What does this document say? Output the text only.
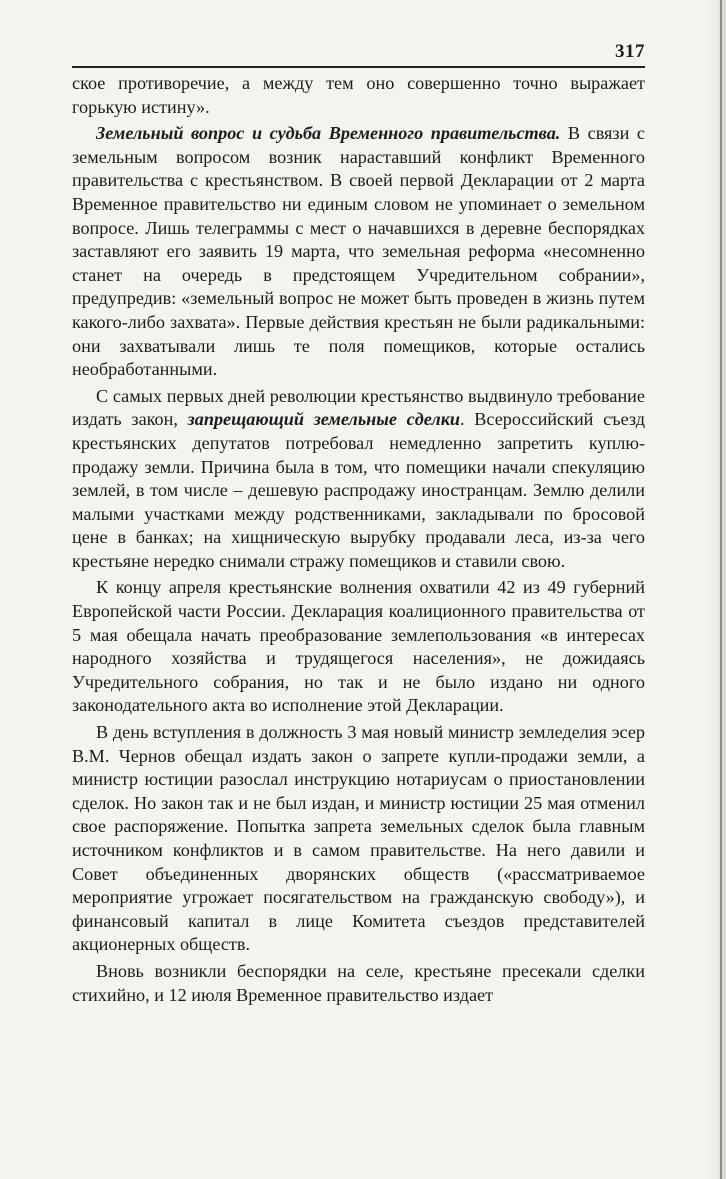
317

ское противоречие, а между тем оно совершенно точно выражает горькую истину».

Земельный вопрос и судьба Временного правительства. В связи с земельным вопросом возник нараставший конфликт Временного правительства с крестьянством. В своей первой Декларации от 2 марта Временное правительство ни единым словом не упоминает о земельном вопросе. Лишь телеграммы с мест о начавшихся в деревне беспорядках заставляют его заявить 19 марта, что земельная реформа «несомненно станет на очередь в предстоящем Учредительном собрании», предупредив: «земельный вопрос не может быть проведен в жизнь путем какого-либо захвата». Первые действия крестьян не были радикальными: они захватывали лишь те поля помещиков, которые остались необработанными.

С самых первых дней революции крестьянство выдвинуло требование издать закон, запрещающий земельные сделки. Всероссийский съезд крестьянских депутатов потребовал немедленно запретить куплю-продажу земли. Причина была в том, что помещики начали спекуляцию землей, в том числе – дешевую распродажу иностранцам. Землю делили малыми участками между родственниками, закладывали по бросовой цене в банках; на хищническую вырубку продавали леса, из-за чего крестьяне нередко снимали стражу помещиков и ставили свою.

К концу апреля крестьянские волнения охватили 42 из 49 губерний Европейской части России. Декларация коалиционного правительства от 5 мая обещала начать преобразование землепользования «в интересах народного хозяйства и трудящегося населения», не дожидаясь Учредительного собрания, но так и не было издано ни одного законодательного акта во исполнение этой Декларации.

В день вступления в должность 3 мая новый министр земледелия эсер В.М. Чернов обещал издать закон о запрете купли-продажи земли, а министр юстиции разослал инструкцию нотариусам о приостановлении сделок. Но закон так и не был издан, и министр юстиции 25 мая отменил свое распоряжение. Попытка запрета земельных сделок была главным источником конфликтов и в самом правительстве. На него давили и Совет объединенных дворянских обществ («рассматриваемое мероприятие угрожает посягательством на гражданскую свободу»), и финансовый капитал в лице Комитета съездов представителей акционерных обществ.

Вновь возникли беспорядки на селе, крестьяне пресекали сделки стихийно, и 12 июля Временное правительство издает
